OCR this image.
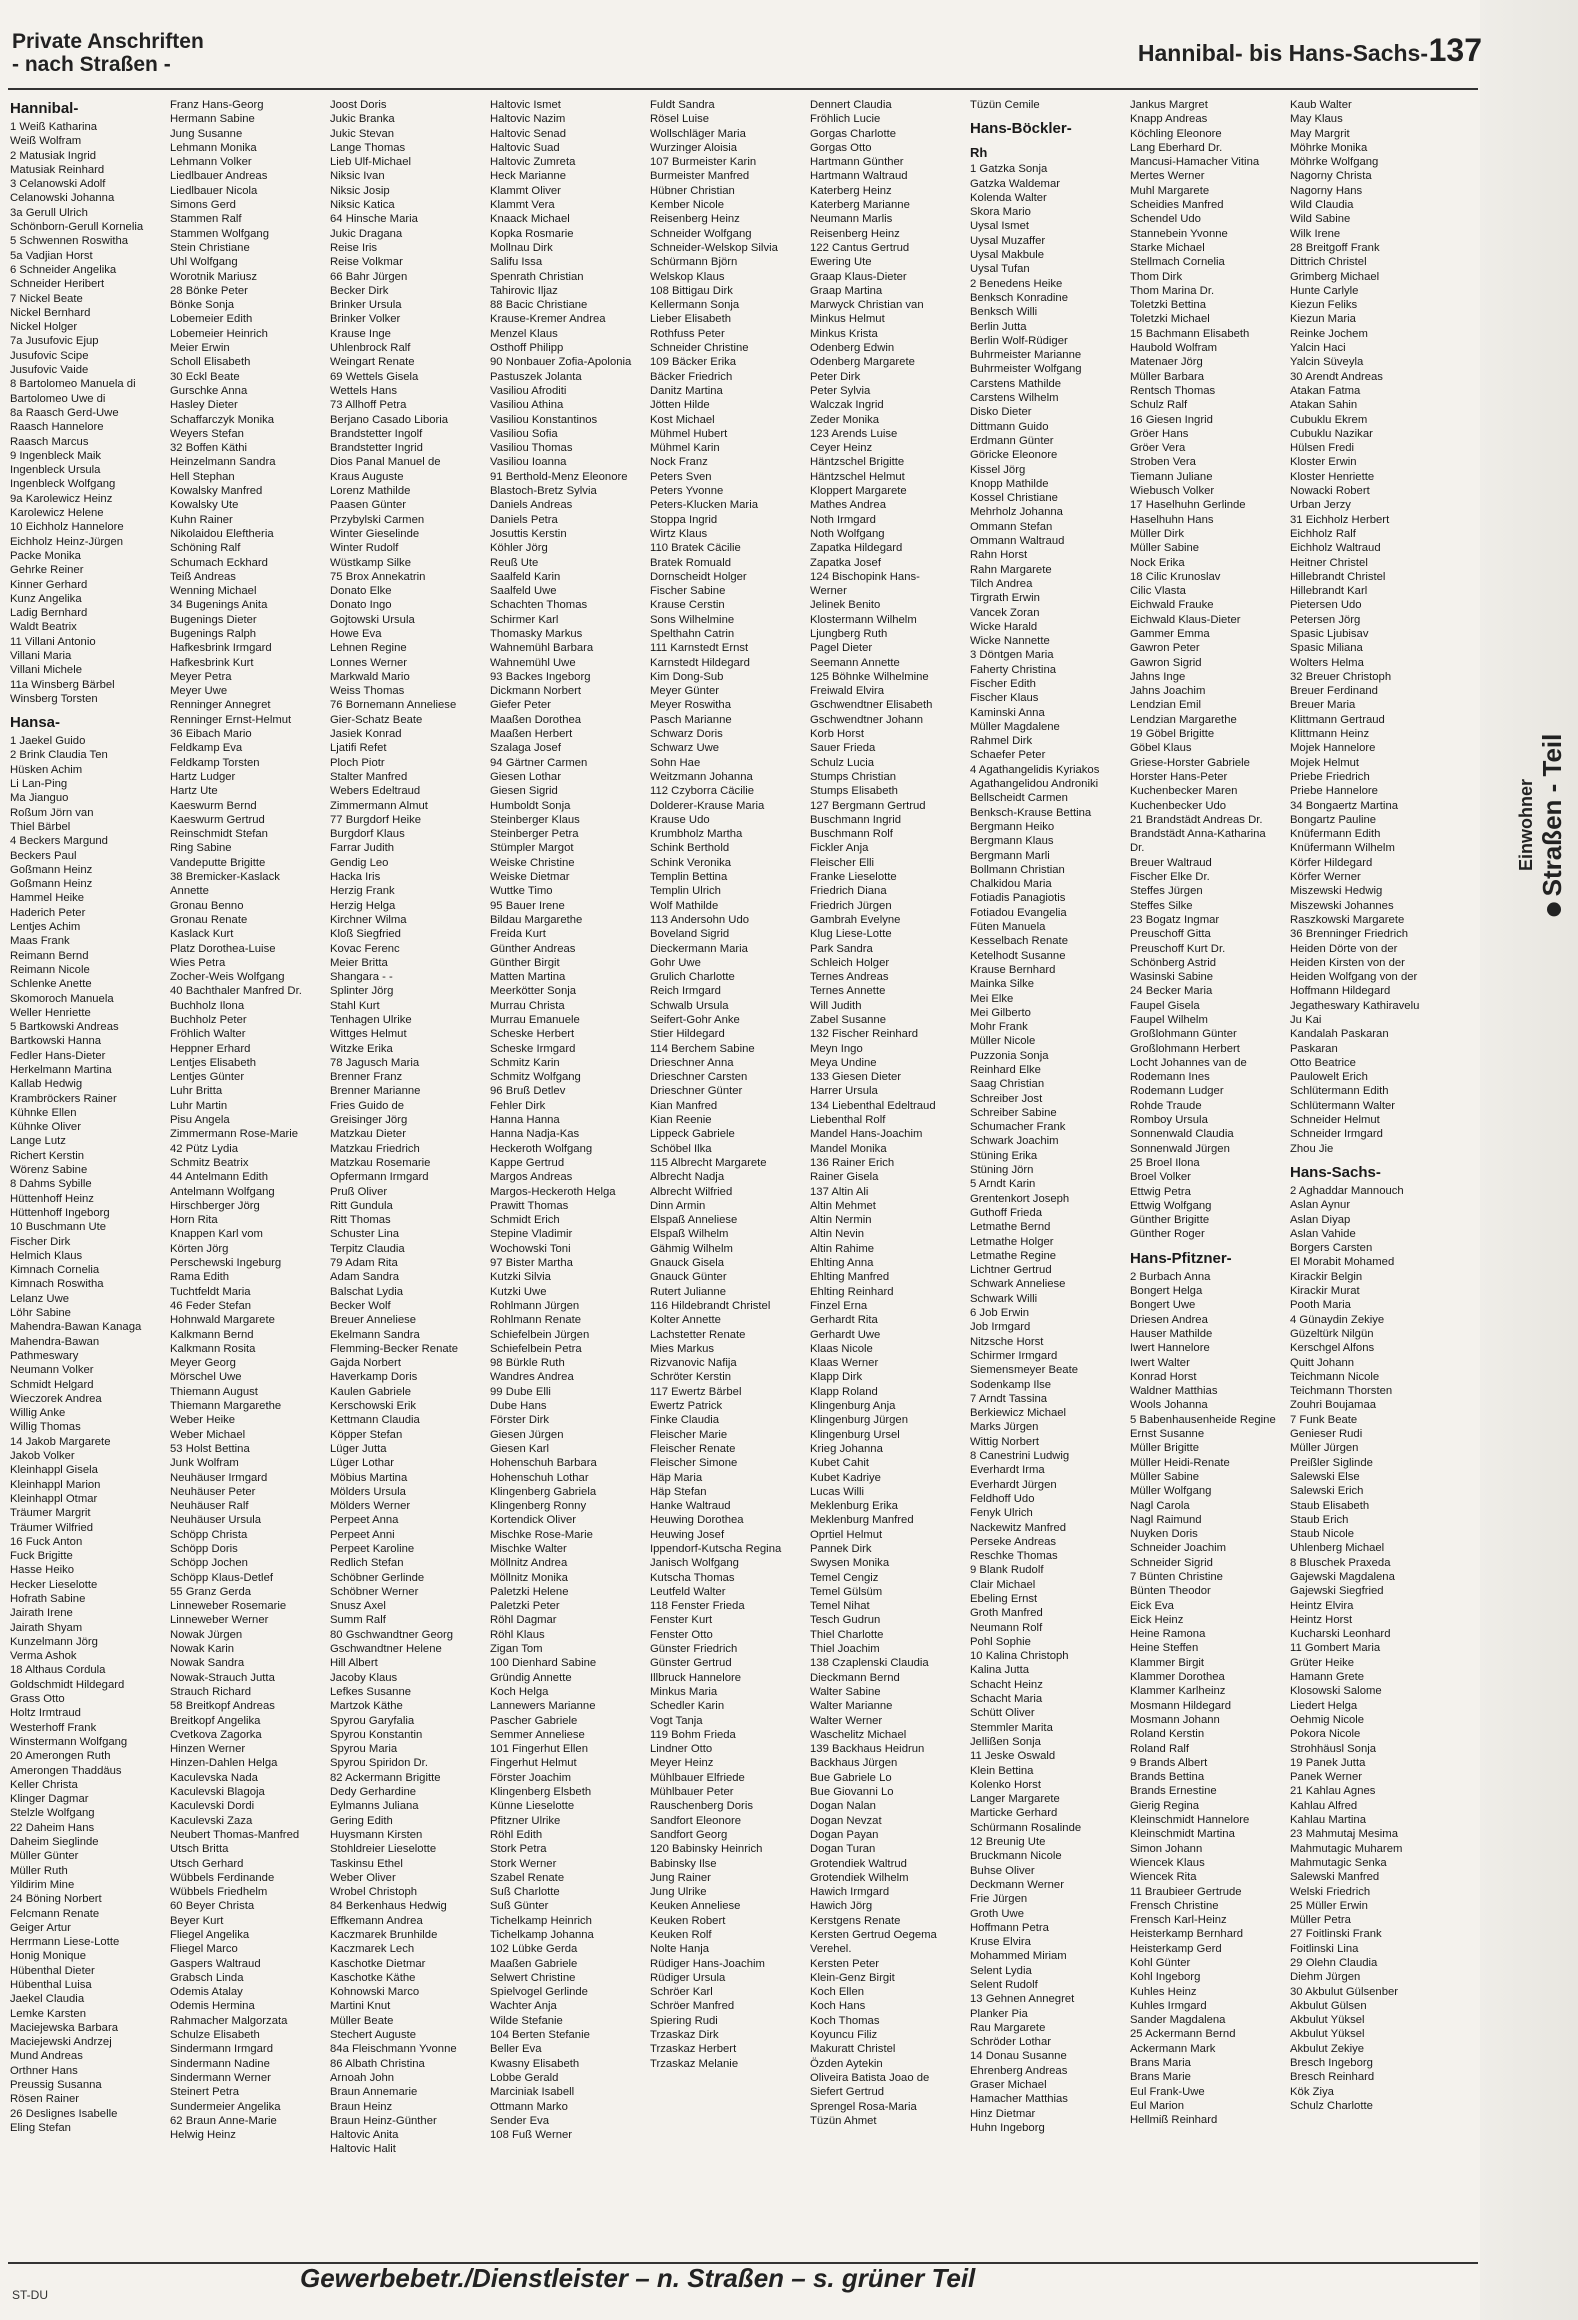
Private Anschriften
- nach Straßen -	Hannibal- bis Hans-Sachs- 137
Hannibal-
1 Weiß Katharina
Weiß Wolfram
2 Matusiak Ingrid
Matusiak Reinhard
3 Celanowski Adolf
Celanowski Johanna
3a Gerull Ulrich
Schönborn-Gerull Kornelia
5 Schwennen Roswitha
5a Vadjian Horst
6 Schneider Angelika
Schneider Heribert
7 Nickel Beate
Nickel Bernhard
Nickel Holger
7a Jusufovic Ejup
Jusufovic Scipe
Jusufovic Vaide
8 Bartolomeo Manuela di
Bartolomeo Uwe di
8a Raasch Gerd-Uwe
Raasch Hannelore
Raasch Marcus
9 Ingenbleck Maik
Ingenbleck Ursula
Ingenbleck Wolfgang
9a Karolewicz Heinz
Karolewicz Helene
10 Eichholz Hannelore
Eichholz Heinz-Jürgen
Packe Monika
Gehrke Reiner
Kinner Gerhard
Kunz Angelika
Ladig Bernhard
Waldt Beatrix
11 Villani Antonio
Villani Maria
Villani Michele
11a Winsberg Bärbel
Winsberg Torsten
Hansa-
1 Jaekel Guido
2 Brink Claudia Ten
Hüsken Achim
Li Lan-Ping
Ma Jianguo
Roßum Jörn van
Thiel Bärbel
4 Beckers Margund
Beckers Paul
Goßmann Heinz
Goßmann Heinz
Hammel Heike
Haderich Peter
Lentjes Achim
Maas Frank
Reimann Bernd
Reimann Nicole
Schlenke Anette
Skomoroch Manuela
Weller Henriette
5 Bartkowski Andreas
Bartkowski Hanna
Fedler Hans-Dieter
Herkelmann Martina
Kallab Hedwig
Krambröckers Rainer
Kühnke Ellen
Kühnke Oliver
Lange Lutz
Richert Kerstin
Wörenz Sabine
8 Dahms Sybille
Hüttenhoff Heinz
Hüttenhoff Ingeborg
10 Buschmann Ute
Fischer Dirk
Helmich Klaus
Kimnach Cornelia
Kimnach Roswitha
Lelanz Uwe
Löhr Sabine
Mahendra-Bawan Kanaga
Mahendra-Bawan
Pathmeswary
Neumann Volker
Schmidt Helgard
Wieczorek Andrea
Willig Anke
Willig Thomas
14 Jakob Margarete
Jakob Volker
Kleinhappl Gisela
Kleinhappl Marion
Kleinhappl Otmar
Träumer Margrit
Träumer Wilfried
16 Fuck Anton
Fuck Brigitte
Hasse Heiko
Hecker Lieselotte
Hofrath Sabine
Jairath Irene
Jairath Shyam
Kunzelmann Jörg
Verma Ashok
18 Althaus Cordula
Goldschmidt Hildegard
Grass Otto
Holtz Irmtraud
Westerhoff Frank
Winstermann Wolfgang
20 Amerongen Ruth
Amerongen Thaddäus
Keller Christa
Klinger Dagmar
Stelzle Wolfgang
22 Daheim Hans
Daheim Sieglinde
Müller Günter
Müller Ruth
Yildirim Mine
24 Böning Norbert
Felcmann Renate
Geiger Artur
Herrmann Liese-Lotte
Honig Monique
Hübenthal Dieter
Hübenthal Luisa
Jaekel Claudia
Lemke Karsten
Maciejewska Barbara
Maciejewski Andrzej
Mund Andreas
Orthner Hans
Preussig Susanna
Rösen Rainer
26 Deslignes Isabelle
Eling Stefan
Franz Hans-Georg
Hermann Sabine
Jung Susanne
Lehmann Monika
Lehmann Volker
Liedlbauer Andreas
Liedlbauer Nicola
Simons Gerd
Stammen Ralf
Stammen Wolfgang
Stein Christiane
Uhl Wolfgang
Worotnik Mariusz
28 Bönke Peter
Bönke Sonja
Lobemeier Edith
Lobemeier Heinrich
Meier Erwin
Scholl Elisabeth
30 Eckl Beate
Gurschke Anna
Hasley Dieter
Schaffarczyk Monika
Weyers Stefan
32 Boffen Käthi
Heinzelmann Sandra
Hell Stephan
Kowalsky Manfred
Kowalsky Ute
Kuhn Rainer
Nikolaidou Eleftheria
Schöning Ralf
Schumach Eckhard
Teiß Andreas
Wenning Michael
34 Bugenings Anita
Bugenings Dieter
Bugenings Ralph
Hafkesbrink Irmgard
Hafkesbrink Kurt
Meyer Petra
Meyer Uwe
Renninger Annegret
Renninger Ernst-Helmut
36 Eibach Mario
Feldkamp Eva
Feldkamp Torsten
Hartz Ludger
Hartz Ute
Kaeswurm Bernd
Kaeswurm Gertrud
Reinschmidt Stefan
Ring Sabine
Vandeputte Brigitte
38 Bremicker-Kaslack
Annette
Gronau Benno
Gronau Renate
Kaslack Kurt
Platz Dorothea-Luise
Wies Petra
Zocher-Weis Wolfgang
40 Bachthaler Manfred Dr.
Buchholz Ilona
Buchholz Peter
Fröhlich Walter
Heppner Erhard
Lentjes Elisabeth
Lentjes Günter
Luhr Britta
Luhr Martin
Pisu Angela
Zimmermann Rose-Marie
42 Pütz Lydia
Schmitz Beatrix
44 Antelmann Edith
Antelmann Wolfgang
Hirschberger Jörg
Horn Rita
Knappen Karl vom
Körten Jörg
Perschewski Ingeburg
Rama Edith
Tuchtfeldt Maria
46 Feder Stefan
Hohnwald Margarete
Kalkmann Bernd
Kalkmann Rosita
Meyer Georg
Mörschel Uwe
Thiemann August
Thiemann Margarethe
Weber Heike
Weber Michael
53 Holst Bettina
Junk Wolfram
Neuhäuser Irmgard
Neuhäuser Peter
Neuhäuser Ralf
Neuhäuser Ursula
Schöpp Christa
Schöpp Doris
Schöpp Jochen
Schöpp Klaus-Detlef
55 Granz Gerda
Linneweber Rosemarie
Linneweber Werner
Nowak Jürgen
Nowak Karin
Nowak Sandra
Nowak-Strauch Jutta
Strauch Richard
58 Breitkopf Andreas
Breitkopf Angelika
Cvetkova Zagorka
Hinzen Werner
Hinzen-Dahlen Helga
Kaculevska Nada
Kaculevski Blagoja
Kaculevski Dordi
Kaculevski Zaza
Neubert Thomas-Manfred
Utsch Britta
Utsch Gerhard
Wübbels Ferdinande
Wübbels Friedhelm
60 Beyer Christa
Beyer Kurt
Fliegel Angelika
Fliegel Marco
Gaspers Waltraud
Grabsch Linda
Odemis Atalay
Odemis Hermina
Rahmacher Malgorzata
Schulze Elisabeth
Sindermann Irmgard
Sindermann Nadine
Sindermann Werner
Steinert Petra
Sundermeier Angelika
62 Braun Anne-Marie
Helwig Heinz
Joost Doris
Jukic Branka
Jukic Stevan
Lange Thomas
Lieb Ulf-Michael
Niksic Ivan
Niksic Josip
Niksic Katica
64 Hinsche Maria
Jukic Dragana
Reise Iris
Reise Volkmar
66 Bahr Jürgen
Becker Dirk
Brinker Ursula
Brinker Volker
Krause Inge
Uhlenbrock Ralf
Weingart Renate
69 Wettels Gisela
Wettels Hans
73 Allhoff Petra
Berjano Casado Liboria
Brandstetter Ingolf
Brandstetter Ingrid
Dios Panal Manuel de
Kraus Auguste
Lorenz Mathilde
Paasen Günter
Przybylski Carmen
Winter Gieselinde
Winter Rudolf
Wüstkamp Silke
75 Brox Annekatrin
Donato Elke
Donato Ingo
Gojtowski Ursula
Howe Eva
Lehnen Regine
Lonnes Werner
Markwald Mario
Weiss Thomas
76 Bornemann Anneliese
Gier-Schatz Beate
Jasiek Konrad
Ljatifi Refet
Ploch Piotr
Stalter Manfred
Webers Edeltraud
Zimmermann Almut
77 Burgdorf Heike
Burgdorf Klaus
Farrar Judith
Gendig Leo
Hacka Iris
Herzig Frank
Herzig Helga
Kirchner Wilma
Kloß Siegfried
Kovac Ferenc
Meier Britta
Shangara - -
Splinter Jörg
Stahl Kurt
Tenhagen Ulrike
Wittges Helmut
Witzke Erika
78 Jagusch Maria
Brenner Franz
Brenner Marianne
Fries Guido de
Greisinger Jörg
Matzkau Dieter
Matzkau Friedrich
Matzkau Rosemarie
Opfermann Irmgard
Pruß Oliver
Ritt Gundula
Ritt Thomas
Schuster Lina
Terpitz Claudia
79 Adam Rita
Adam Sandra
Balschat Lydia
Becker Wolf
Breuer Anneliese
Ekelmann Sandra
Flemming-Becker Renate
Gajda Norbert
Haverkamp Doris
Kaulen Gabriele
Kerschowski Erik
Kettmann Claudia
Köpper Stefan
Lüger Jutta
Lüger Lothar
Möbius Martina
Mölders Ursula
Mölders Werner
Perpeet Anna
Perpeet Anni
Perpeet Karoline
Redlich Stefan
Schöbner Gerlinde
Schöbner Werner
Snusz Axel
Summ Ralf
80 Gschwandtner Georg
Gschwandtner Helene
Hill Albert
Jacoby Klaus
Lefkes Susanne
Martzok Käthe
Spyrou Garyfalia
Spyrou Konstantin
Spyrou Maria
Spyrou Spiridon Dr.
82 Ackermann Brigitte
Dedy Gerhardine
Eylmanns Juliana
Gering Edith
Huysmann Kirsten
Stohldreier Lieselotte
Taskinsu Ethel
Weber Oliver
Wrobel Christoph
84 Berkenhaus Hedwig
Effkemann Andrea
Kaczmarek Brunhilde
Kaczmarek Lech
Kaschotke Dietmar
Kaschotke Käthe
Kohnowski Marco
Martini Knut
Müller Beate
Stechert Auguste
84a Fleischmann Yvonne
86 Albath Christina
Arnoah John
Braun Annemarie
Braun Heinz
Braun Heinz-Günther
Haltovic Anita
Haltovic Halit
Haltovic Ismet
Haltovic Nazim
Haltovic Senad
Haltovic Suad
Haltovic Zumreta
Heck Marianne
Klammt Oliver
Klammt Vera
Knaack Michael
Kopka Rosmarie
Mollnau Dirk
Salifu Issa
Spenrath Christian
Tahirovic Iljaz
88 Bacic Christiane
Krause-Kremer Andrea
Menzel Klaus
Osthoff Philipp
90 Nonbauer Zofia-Apolonia
Pastuszek Jolanta
Vasiliou Afroditi
Vasiliou Athina
Vasiliou Konstantinos
Vasiliou Sofia
Vasiliou Thomas
Vasiliou Ioanna
91 Berthold-Menz Eleonore
Blastoch-Bretz Sylvia
Daniels Andreas
Daniels Petra
Josuttis Kerstin
Köhler Jörg
Reuß Ute
Saalfeld Karin
Saalfeld Uwe
Schachten Thomas
Schirmer Karl
Thomasky Markus
Wahnemühl Barbara
Wahnemühl Uwe
93 Backes Ingeborg
Dickmann Norbert
Giefer Peter
Maaßen Dorothea
Maaßen Herbert
Szalaga Josef
94 Gärtner Carmen
Giesen Lothar
Giesen Sigrid
Humboldt Sonja
Steinberger Klaus
Steinberger Petra
Stümpler Margot
Weiske Christine
Weiske Dietmar
Wuttke Timo
95 Bauer Irene
Bildau Margarethe
Freida Kurt
Günther Andreas
Günther Birgit
Matten Martina
Meerkötter Sonja
Murrau Christa
Murrau Emanuele
Scheske Herbert
Scheske Irmgard
Schmitz Karin
Schmitz Wolfgang
96 Bruß Detlev
Fehler Dirk
Hanna Hanna
Hanna Nadja-Kas
Heckeroth Wolfgang
Kappe Gertrud
Margos Andreas
Margos-Heckeroth Helga
Prawitt Thomas
Schmidt Erich
Stepine Vladimir
Wochowski Toni
97 Bister Martha
Kutzki Silvia
Kutzki Uwe
Rohlmann Jürgen
Rohlmann Renate
Schiefelbein Jürgen
Schiefelbein Petra
98 Bürkle Ruth
Wandres Andrea
99 Dube Elli
Dube Hans
Förster Dirk
Giesen Jürgen
Giesen Karl
Hohenschuh Barbara
Hohenschuh Lothar
Klingenberg Gabriela
Klingenberg Ronny
Kortendick Oliver
Mischke Rose-Marie
Mischke Walter
Möllnitz Andrea
Möllnitz Monika
Paletzki Helene
Paletzki Peter
Röhl Dagmar
Röhl Klaus
Zigan Tom
100 Dienhard Sabine
Gründig Annette
Koch Helga
Lannewers Marianne
Pascher Gabriele
Semmer Anneliese
101 Fingerhut Ellen
Fingerhut Helmut
Förster Joachim
Klingenberg Elsbeth
Künne Lieselotte
Pfitzner Ulrike
Röhl Edith
Stork Petra
Stork Werner
Szabel Renate
Suß Charlotte
Suß Günter
Tichelkamp Heinrich
Tichelkamp Johanna
102 Lübke Gerda
Maaßen Gabriele
Selwert Christine
Spielvogel Gerlinde
Wachter Anja
Wilde Stefanie
104 Berten Stefanie
Beller Eva
Kwasny Elisabeth
Lobbe Gerald
Marciniak Isabell
Ottmann Marko
Sender Eva
108 Fuß Werner
Fuldt Sandra
Rösel Luise
Wollschläger Maria
Wurzinger Aloisia
107 Burmeister Karin
Burmeister Manfred
Hübner Christian
Kember Nicole
Reisenberg Heinz
Schneider Wolfgang
Schneider-Welskop Silvia
Schürmann Björn
Welskop Klaus
108 Bittigau Dirk
Kellermann Sonja
Lieber Elisabeth
Rothfuss Peter
Schneider Christine
109 Bäcker Erika
Bäcker Friedrich
Danitz Martina
Jötten Hilde
Kost Michael
Mühmel Hubert
Mühmel Karin
Nock Franz
Peters Sven
Peters Yvonne
Peters-Klucken Maria
Stoppa Ingrid
Wirtz Klaus
110 Bratek Cäcilie
Bratek Romuald
Dornscheidt Holger
Fischer Sabine
Krause Cerstin
Sons Wilhelmine
Spelthahn Catrin
111 Karnstedt Ernst
Karnstedt Hildegard
Kim Dong-Sub
Meyer Günter
Meyer Roswitha
Pasch Marianne
Schwarz Doris
Schwarz Uwe
Sohn Hae
Weitzmann Johanna
112 Czyborra Cäcilie
Dolderer-Krause Maria
Krause Udo
Krumbholz Martha
Schink Berthold
Schink Veronika
Templin Bettina
Templin Ulrich
Wolf Mathilde
113 Andersohn Udo
Boveland Sigrid
Dieckermann Maria
Gohr Uwe
Grulich Charlotte
Reich Irmgard
Schwalb Ursula
Seifert-Gohr Anke
Stier Hildegard
114 Berchem Sabine
Drieschner Anna
Drieschner Carsten
Drieschner Günter
Kian Manfred
Kian Reenie
Lippeck Gabriele
Schöbel Ilka
115 Albrecht Margarete
Albrecht Nadja
Albrecht Wilfried
Dinn Armin
Elspaß Anneliese
Elspaß Wilhelm
Gähmig Wilhelm
Gnauck Gisela
Gnauck Günter
Rutert Julianne
116 Hildebrandt Christel
Kolter Annette
Lachstetter Renate
Mies Markus
Rizvanovic Nafija
Schröter Kerstin
117 Ewertz Bärbel
Ewertz Patrick
Finke Claudia
Fleischer Marie
Fleischer Renate
Fleischer Simone
Häp Maria
Häp Stefan
Hanke Waltraud
Heuwing Dorothea
Heuwing Josef
Ippendorf-Kutscha Regina
Janisch Wolfgang
Kutscha Thomas
Leutfeld Walter
118 Fenster Frieda
Fenster Kurt
Fenster Otto
Günster Friedrich
Günster Gertrud
Illbruck Hannelore
Minkus Maria
Schedler Karin
Vogt Tanja
119 Bohm Frieda
Lindner Otto
Meyer Heinz
Mühlbauer Elfriede
Mühlbauer Peter
Rauschenberg Doris
Sandfort Eleonore
Sandfort Georg
120 Babinsky Heinrich
Babinsky Ilse
Jung Rainer
Jung Ulrike
Keuken Anneliese
Keuken Robert
Keuken Rolf
Nolte Hanja
Rüdiger Hans-Joachim
Rüdiger Ursula
Schröer Karl
Schröer Manfred
Spiering Rudi
Trzaskaz Dirk
Trzaskaz Herbert
Trzaskaz Melanie
Dennert Claudia
Fröhlich Lucie
Gorgas Charlotte
Gorgas Otto
Hartmann Günther
Hartmann Waltraud
Katerberg Heinz
Katerberg Marianne
Neumann Marlis
Reisenberg Heinz
122 Cantus Gertrud
Ewering Ute
Graap Klaus-Dieter
Graap Martina
Marwyck Christian van
Minkus Helmut
Minkus Krista
Odenberg Edwin
Odenberg Margarete
Peter Dirk
Peter Sylvia
Walczak Ingrid
Zeder Monika
123 Arends Luise
Ceyer Heinz
Häntzschel Brigitte
Häntzschel Helmut
Kloppert Margarete
Mathes Andrea
Noth Irmgard
Noth Wolfgang
Zapatka Hildegard
Zapatka Josef
124 Bischopink Hans-
Werner
Jelinek Benito
Klostermann Wilhelm
Ljungberg Ruth
Pagel Dieter
Seemann Annette
125 Böhnke Wilhelmine
Freiwald Elvira
Gschwendtner Elisabeth
Gschwendtner Johann
Korb Horst
Sauer Frieda
Schulz Lucia
Stumps Christian
Stumps Elisabeth
127 Bergmann Gertrud
Buschmann Ingrid
Buschmann Rolf
Fickler Anja
Fleischer Elli
Franke Lieselotte
Friedrich Diana
Friedrich Jürgen
Gambrah Evelyne
Klug Liese-Lotte
Park Sandra
Schleich Holger
Ternes Andreas
Ternes Annette
Will Judith
Zabel Susanne
132 Fischer Reinhard
Meyn Ingo
Meya Undine
133 Giesen Dieter
Harrer Ursula
134 Liebenthal Edeltraud
Liebenthal Rolf
Mandel Hans-Joachim
Mandel Monika
136 Rainer Erich
Rainer Gisela
137 Altin Ali
Altin Mehmet
Altin Nermin
Altin Nevin
Altin Rahime
Ehlting Anna
Ehlting Manfred
Ehlting Reinhard
Finzel Erna
Gerhardt Rita
Gerhardt Uwe
Klaas Nicole
Klaas Werner
Klapp Dirk
Klapp Roland
Klingenburg Anja
Klingenburg Jürgen
Klingenburg Ursel
Krieg Johanna
Kubet Cahit
Kubet Kadriye
Lucas Willi
Meklenburg Erika
Meklenburg Manfred
Oprtiel Helmut
Pannek Dirk
Swysen Monika
Temel Cengiz
Temel Gülsüm
Temel Nihat
Tesch Gudrun
Thiel Charlotte
Thiel Joachim
138 Czaplenski Claudia
Dieckmann Bernd
Walter Sabine
Walter Marianne
Walter Werner
Waschelitz Michael
139 Backhaus Heidrun
Backhaus Jürgen
Bue Gabriele Lo
Bue Giovanni Lo
Dogan Nalan
Dogan Nevzat
Dogan Payan
Dogan Turan
Grotendiek Waltrud
Grotendiek Wilhelm
Hawich Irmgard
Hawich Jörg
Kerstgens Renate
Kersten Gertrud Oegema
Verehel.
Kersten Peter
Klein-Genz Birgit
Koch Ellen
Koch Hans
Koch Thomas
Koyuncu Filiz
Makuratt Christel
Özden Aytekin
Oliveira Batista Joao de
Siefert Gertrud
Sprengel Rosa-Maria
Tüzün Ahmet
Tüzün Cemile
Hans-Böckler-
Rh
1 Gatzka Sonja
Gatzka Waldemar
Kolenda Walter
Skora Mario
Uysal Ismet
Uysal Muzaffer
Uysal Makbule
Uysal Tufan
2 Benedens Heike
Benksch Konradine
Benksch Willi
Berlin Jutta
Berlin Wolf-Rüdiger
Buhrmeister Marianne
Buhrmeister Wolfgang
Carstens Mathilde
Carstens Wilhelm
Disko Dieter
Dittmann Guido
Erdmann Günter
Göricke Eleonore
Kissel Jörg
Knopp Mathilde
Kossel Christiane
Mehrholz Johanna
Ommann Stefan
Ommann Waltraud
Rahn Horst
Rahn Margarete
Tilch Andrea
Tirgrath Erwin
Vancek Zoran
Wicke Harald
Wicke Nannette
3 Döntgen Maria
Faherty Christina
Fischer Edith
Fischer Klaus
Kaminski Anna
Müller Magdalene
Rahmel Dirk
Schaefer Peter
4 Agathangelidis Kyriakos
Agathangelidou Androniki
Bellscheidt Carmen
Benksch-Krause Bettina
Bergmann Heiko
Bergmann Klaus
Bergmann Marli
Bollmann Christian
Chalkidou Maria
Fotiadis Panagiotis
Fotiadou Evangelia
Füten Manuela
Kesselbach Renate
Ketelhodt Susanne
Krause Bernhard
Mainka Silke
Mei Elke
Mei Gilberto
Mohr Frank
Müller Nicole
Puzzonia Sonja
Reinhard Elke
Saag Christian
Schreiber Jost
Schreiber Sabine
Schumacher Frank
Schwark Joachim
Stüning Erika
Stüning Jörn
5 Arndt Karin
Grentenkort Joseph
Guthoff Frieda
Letmathe Bernd
Letmathe Holger
Letmathe Regine
Lichtner Gertrud
Schwark Anneliese
Schwark Willi
6 Job Erwin
Job Irmgard
Nitzsche Horst
Schirmer Irmgard
Siemensmeyer Beate
Sodenkamp Ilse
7 Arndt Tassina
Berkiewicz Michael
Marks Jürgen
Wittig Norbert
8 Canestrini Ludwig
Everhardt Irma
Everhardt Jürgen
Feldhoff Udo
Fenyk Ulrich
Nackewitz Manfred
Perseke Andreas
Reschke Thomas
9 Blank Rudolf
Clair Michael
Ebeling Ernst
Groth Manfred
Neumann Rolf
Pohl Sophie
10 Kalina Christoph
Kalina Jutta
Schacht Heinz
Schacht Maria
Schütt Oliver
Stemmler Marita
Jellißen Sonja
11 Jeske Oswald
Klein Bettina
Kolenko Horst
Langer Margarete
Marticke Gerhard
Schürmann Rosalinde
12 Breunig Ute
Bruckmann Nicole
Buhse Oliver
Deckmann Werner
Frie Jürgen
Groth Uwe
Hoffmann Petra
Kruse Elvira
Mohammed Miriam
Selent Lydia
Selent Rudolf
13 Gehnen Annegret
Planker Pia
Rau Margarete
Schröder Lothar
14 Donau Susanne
Ehrenberg Andreas
Graser Michael
Hamacher Matthias
Hinz Dietmar
Huhn Ingeborg
Jankus Margret
Knapp Andreas
Köchling Eleonore
Lang Eberhard Dr.
Mancusi-Hamacher Vitina
Mertes Werner
Muhl Margarete
Scheidies Manfred
Schendel Udo
Stannebein Yvonne
Starke Michael
Stellmach Cornelia
Thom Dirk
Thom Marina Dr.
Toletzki Bettina
Toletzki Michael
15 Bachmann Elisabeth
Haubold Wolfram
Matenaer Jörg
Müller Barbara
Rentsch Thomas
Schulz Ralf
16 Giesen Ingrid
Gröer Hans
Gröer Vera
Stroben Vera
Tiemann Juliane
Wiebusch Volker
17 Haselhuhn Gerlinde
Haselhuhn Hans
Müller Dirk
Müller Sabine
Nock Erika
18 Cilic Krunoslav
Cilic Vlasta
Eichwald Frauke
Eichwald Klaus-Dieter
Gammer Emma
Gawron Peter
Gawron Sigrid
Jahns Inge
Jahns Joachim
Lendzian Emil
Lendzian Margarethe
19 Göbel Brigitte
Göbel Klaus
Griese-Horster Gabriele
Horster Hans-Peter
Kuchenbecker Maren
Kuchenbecker Udo
21 Brandstädt Andreas Dr.
Brandstädt Anna-Katharina
Dr.
Breuer Waltraud
Fischer Elke Dr.
Steffes Jürgen
Steffes Silke
23 Bogatz Ingmar
Preuschoff Gitta
Preuschoff Kurt Dr.
Schönberg Astrid
Wasinski Sabine
24 Becker Maria
Faupel Gisela
Faupel Wilhelm
Großlohmann Günter
Großlohmann Herbert
Locht Johannes van de
Rodemann Ines
Rodemann Ludger
Rohde Traude
Romboy Ursula
Sonnenwald Claudia
Sonnenwald Jürgen
25 Broel Ilona
Broel Volker
Ettwig Petra
Ettwig Wolfgang
Günther Brigitte
Günther Roger
Hans-Pfitzner-
2 Burbach Anna
Bongert Helga
Bongert Uwe
Driesen Andrea
Hauser Mathilde
Iwert Hannelore
Iwert Walter
Konrad Horst
Waldner Matthias
Wools Johanna
5 Babenhausenheide Regine
Ernst Susanne
Müller Brigitte
Müller Heidi-Renate
Müller Sabine
Müller Wolfgang
Nagl Carola
Nagl Raimund
Nuyken Doris
Schneider Joachim
Schneider Sigrid
7 Bünten Christine
Bünten Theodor
Eick Eva
Eick Heinz
Heine Ramona
Heine Steffen
Klammer Birgit
Klammer Dorothea
Klammer Karlheinz
Mosmann Hildegard
Mosmann Johann
Roland Kerstin
Roland Ralf
9 Brands Albert
Brands Bettina
Brands Ernestine
Gierig Regina
Kleinschmidt Hannelore
Kleinschmidt Martina
Simon Johann
Wiencek Klaus
Wiencek Rita
11 Braubieer Gertrude
Frensch Christine
Frensch Karl-Heinz
Heisterkamp Bernhard
Heisterkamp Gerd
Kohl Günter
Kohl Ingeborg
Kuhles Heinz
Kuhles Irmgard
Sander Magdalena
25 Ackermann Bernd
Ackermann Mark
Brans Maria
Brans Marie
Eul Frank-Uwe
Eul Marion
Hellmiß Reinhard
Kaub Walter
May Klaus
May Margrit
Möhrke Monika
Möhrke Wolfgang
Nagorny Christa
Nagorny Hans
Wild Claudia
Wild Sabine
Wilk Irene
28 Breitgoff Frank
Dittrich Christel
Grimberg Michael
Hunte Carlyle
Kiezun Feliks
Kiezun Maria
Reinke Jochem
Yalcin Haci
Yalcin Süveyla
30 Arendt Andreas
Atakan Fatma
Atakan Sahin
Cubuklu Ekrem
Cubuklu Nazikar
Hülsen Fredi
Kloster Erwin
Kloster Henriette
Nowacki Robert
Urban Jerzy
31 Eichholz Herbert
Eichholz Ralf
Eichholz Waltraud
Heitner Christel
Hillebrandt Christel
Hillebrandt Karl
Pietersen Udo
Petersen Jörg
Spasic Ljubisav
Spasic Miliana
Wolters Helma
32 Breuer Christoph
Breuer Ferdinand
Breuer Maria
Klittmann Gertraud
Klittmann Heinz
Mojek Hannelore
Mojek Helmut
Priebe Friedrich
Priebe Hannelore
34 Bongaertz Martina
Bongartz Pauline
Knüfermann Edith
Knüfermann Wilhelm
Körfer Hildegard
Körfer Werner
Miszewski Hedwig
Miszewski Johannes
Raszkowski Margarete
36 Brenninger Friedrich
Heiden Dörte von der
Heiden Kirsten von der
Heiden Wolfgang von der
Hoffmann Hildegard
Jegatheswary Kathiravelu
Ju Kai
Kandalah Paskaran
Paskaran
Otto Beatrice
Paulowelt Erich
Schlütermann Edith
Schlütermann Walter
Schneider Helmut
Schneider Irmgard
Zhou Jie
Hans-Sachs-
2 Aghaddar Mannouch
Aslan Aynur
Aslan Diyap
Aslan Vahide
Borgers Carsten
El Morabit Mohamed
Kirackir Belgin
Kirackir Murat
Pooth Maria
4 Günaydin Zekiye
Güzeltürk Nilgün
Kerschgel Alfons
Quitt Johann
Teichmann Nicole
Teichmann Thorsten
Zouhri Boujamaa
7 Funk Beate
Genieser Rudi
Müller Jürgen
Preißler Siglinde
Salewski Else
Salewski Erich
Staub Elisabeth
Staub Erich
Staub Nicole
Uhlenberg Michael
8 Bluschek Praxeda
Gajewski Magdalena
Gajewski Siegfried
Heintz Elvira
Heintz Horst
Kucharski Leonhard
11 Gombert Maria
Grüter Heike
Hamann Grete
Klosowski Salome
Liedert Helga
Oehmig Nicole
Pokora Nicole
Strohhäusl Sonja
19 Panek Jutta
Panek Werner
21 Kahlau Agnes
Kahlau Alfred
Kahlau Martina
23 Mahmutaj Mesima
Mahmutagic Muharem
Mahmutagic Senka
Salewski Manfred
Welski Friedrich
25 Müller Erwin
Müller Petra
27 Foitlinski Frank
Foitlinski Lina
29 Olehn Claudia
Diehm Jürgen
30 Akbulut Gülsenber
Akbulut Gülsen
Akbulut Yüksel
Akbulut Yüksel
Akbulut Zekiye
Bresch Ingeborg
Bresch Reinhard
Kök Ziya
Schulz Charlotte
Einwohner Straßen - Teil
Gewerbebetr./Dienstleister – n. Straßen – s. grüner Teil
ST-DU
